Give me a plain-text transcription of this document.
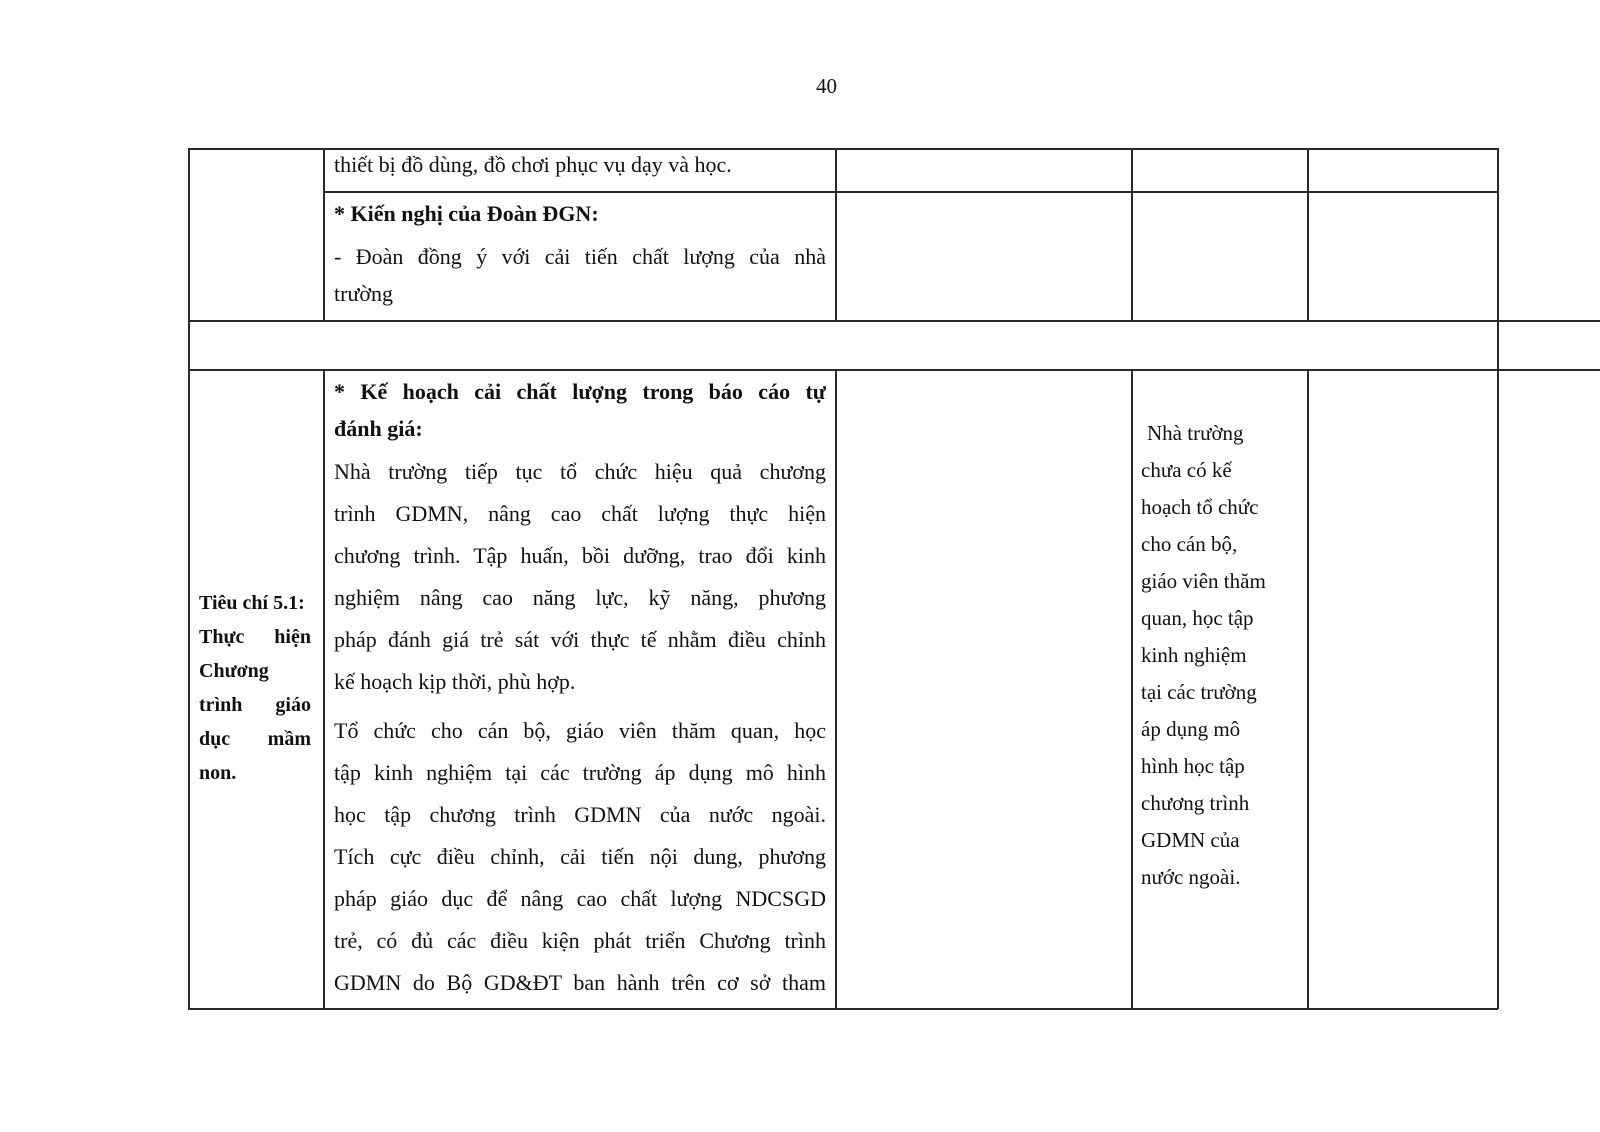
40
thiết bị đồ dùng, đồ chơi phục vụ dạy và học.
* Kiến nghị của Đoàn ĐGN:
- Đoàn đồng ý với cải tiến chất lượng của nhà
trường
Tiêu chí 5.1:
Thực hiện
Chương
trình giáo
dục mầm
non.
* Kế hoạch cải chất lượng trong báo cáo tự
đánh giá:
Nhà trường tiếp tục tổ chức hiệu quả chương
trình GDMN, nâng cao chất lượng thực hiện
chương trình. Tập huấn, bồi dưỡng, trao đổi kinh
nghiệm nâng cao năng lực, kỹ năng, phương
pháp đánh giá trẻ sát với thực tế nhằm điều chỉnh
kế hoạch kịp thời, phù hợp.
Tổ chức cho cán bộ, giáo viên thăm quan, học
tập kinh nghiệm tại các trường áp dụng mô hình
học tập chương trình GDMN của nước ngoài.
Tích cực điều chỉnh, cải tiến nội dung, phương
pháp giáo dục để nâng cao chất lượng NDCSGD
trẻ, có đủ các điều kiện phát triển Chương trình
GDMN do Bộ GD&ĐT ban hành trên cơ sở tham
Nhà trường
chưa có kế
hoạch tổ chức
cho cán bộ,
giáo viên thăm
quan, học tập
kinh nghiệm
tại các trường
áp dụng mô
hình học tập
chương trình
GDMN của
nước ngoài.
